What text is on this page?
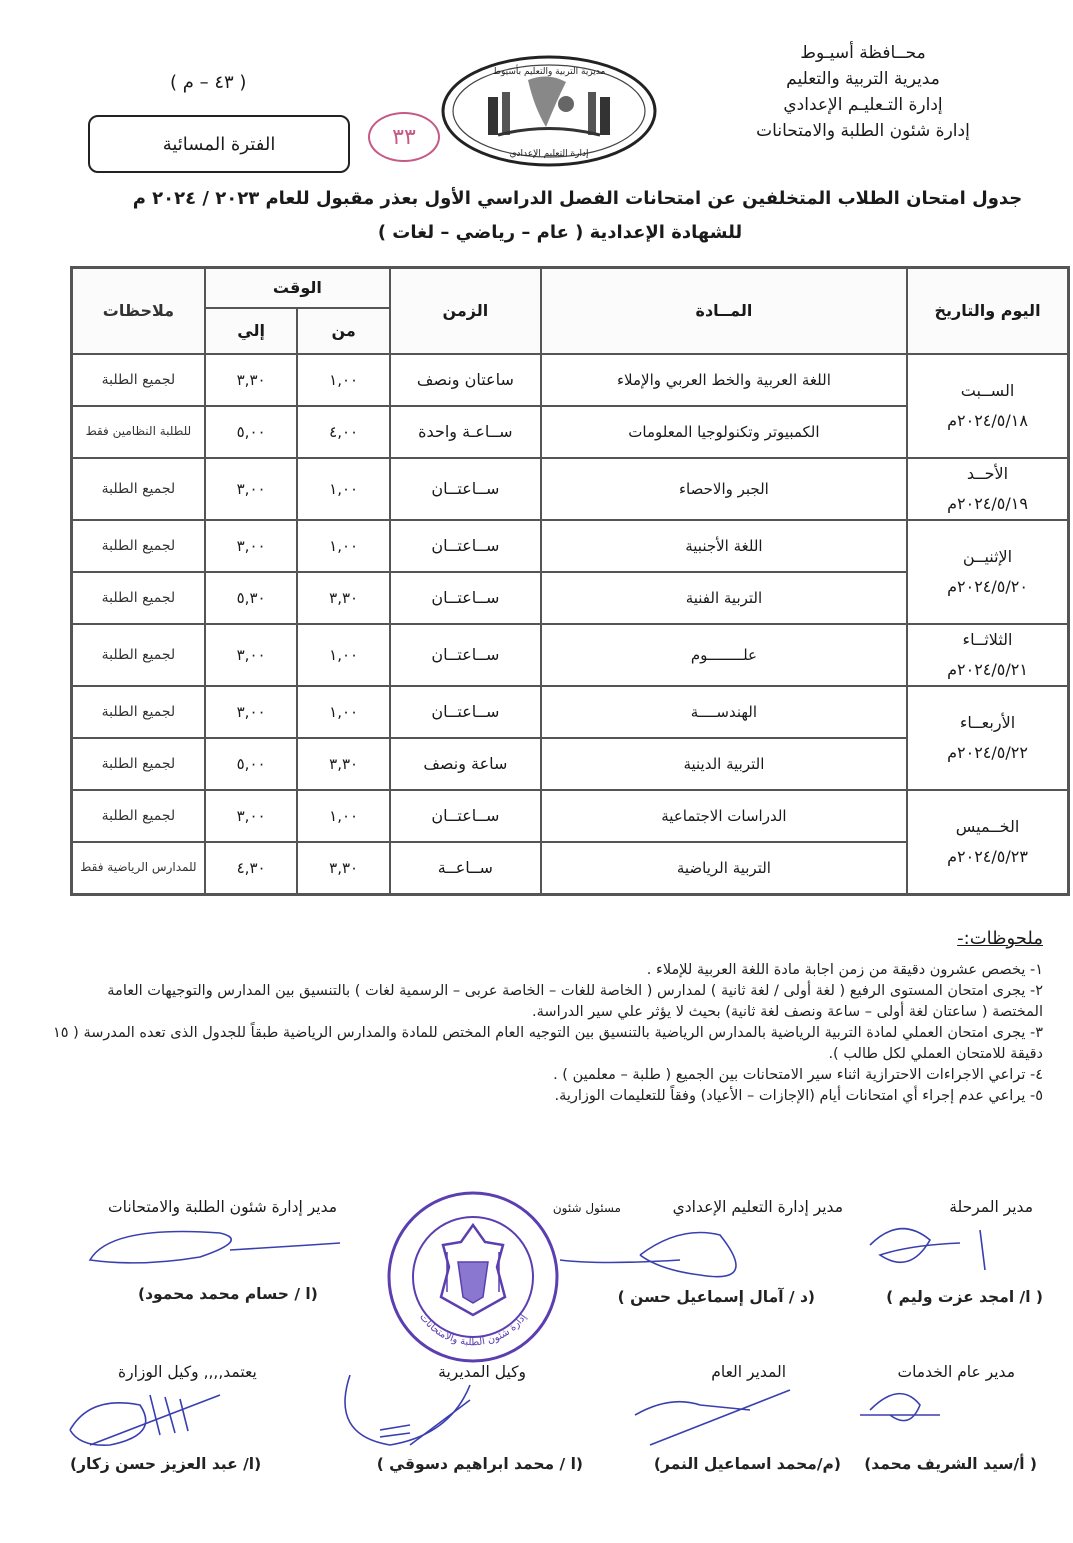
محــافظة أسيـوط
مديرية التربية والتعليم
إدارة التـعليـم الإعدادي
إدارة شئون الطلبة والامتحانات
( ٤٣ – م )
الفترة المسائية	٣٣
مديرية التربية والتعليم بأسيوط
إدارة التعليم الإعدادي
جدول امتحان الطلاب المتخلفين عن امتحانات الفصل الدراسي الأول بعذر مقبول للعام ٢٠٢٣ / ٢٠٢٤ م
للشهادة الإعدادية ( عام – رياضي – لغات )
اليوم والتاريخ	المــادة	الزمن	الوقت		ملاحظات
			من	إلي	

الســبت
٢٠٢٤/٥/١٨م	اللغة العربية والخط العربي والإملاء	ساعتان ونصف	١,٠٠	٣,٣٠	لجميع الطلبة
	الكمبيوتر وتكنولوجيا المعلومات	ســاعـة واحدة	٤,٠٠	٥,٠٠	للطلبة النظامين فقط

الأحــد
٢٠٢٤/٥/١٩م	الجبر والاحصاء	ســاعتــان	١,٠٠	٣,٠٠	لجميع الطلبة

الإثنيــن
٢٠٢٤/٥/٢٠م	اللغة الأجنبية	ســاعتــان	١,٠٠	٣,٠٠	لجميع الطلبة
	التربية الفنية	ســاعتــان	٣,٣٠	٥,٣٠	لجميع الطلبة

الثلاثــاء
٢٠٢٤/٥/٢١م	علــــــــوم	ســاعتــان	١,٠٠	٣,٠٠	لجميع الطلبة

الأربعــاء
٢٠٢٤/٥/٢٢م	الهندســــة	ســاعتــان	١,٠٠	٣,٠٠	لجميع الطلبة
	التربية الدينية	ساعة ونصف	٣,٣٠	٥,٠٠	لجميع الطلبة

الخــميس
٢٠٢٤/٥/٢٣م	الدراسات الاجتماعية	ســاعتــان	١,٠٠	٣,٠٠	لجميع الطلبة
	التربية الرياضية	ســاعــة	٣,٣٠	٤,٣٠	للمدارس الرياضية فقط
ملحوظات:-

١- يخصص عشرون دقيقة من زمن اجابة مادة اللغة العربية للإملاء .

٢- يجرى امتحان المستوى الرفيع ( لغة أولى / لغة ثانية ) لمدارس ( الخاصة للغات – الخاصة عربى – الرسمية لغات ) بالتنسيق بين المدارس والتوجيهات العامة المختصة ( ساعتان لغة أولى – ساعة ونصف لغة ثانية) بحيث لا يؤثر علي سير الدراسة.

٣- يجرى امتحان العملي لمادة التربية الرياضية بالمدارس الرياضية بالتنسيق بين التوجيه العام المختص للمادة والمدارس الرياضية طبقاً للجدول الذى تعده المدرسة ( ١٥ دقيقة للامتحان العملي لكل طالب ).

٤- تراعي الاجراءات الاحترازية اثناء سير الامتحانات بين الجميع ( طلبة – معلمين ) .

٥- يراعي عدم إجراء أي امتحانات أيام (الإجازات – الأعياد) وفقاً للتعليمات الوزارية.

مدير المرحلة
مدير إدارة التعليم الإعدادي
مسئول شئون
مدير إدارة شئون الطلبة والامتحانات
( ا/ امجد عزت وليم )
(د / آمال إسماعيل حسن )
(ا / حسام محمد محمود)
إدارة شئون الطلبة والامتحانات
مدير عام الخدمات
المدير العام
وكيل المديرية
يعتمد,,,, وكيل الوزارة
( أ/سيد الشريف محمد)
(م/محمد اسماعيل النمر)
(ا / محمد ابراهيم دسوقي )
(ا/ عبد العزيز حسن زكار)
